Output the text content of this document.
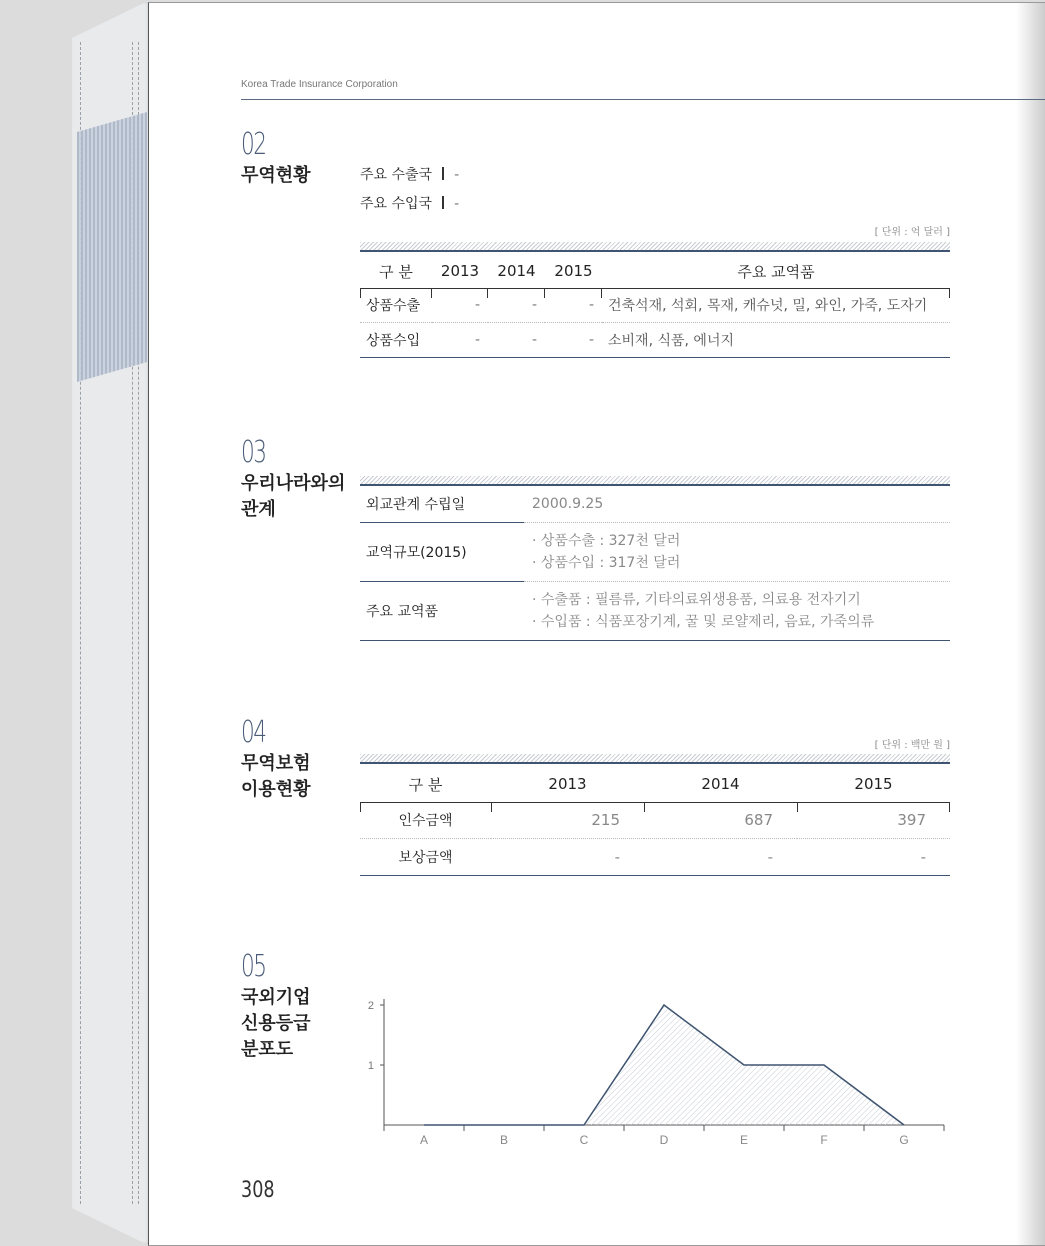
Korea Trade Insurance Corporation
02
무역현황	주요 수출국 -
주요 수입국 -
[ 단위 : 억 달러 ]
구 분	2013	2014	2015	주요 교역품
상품수출	-	-	-	건축석재, 석회, 목재, 캐슈넛, 밀, 와인, 가죽, 도자기
상품수입	-	-	-	소비재, 식품, 에너지
03
우리나라와의
관계	외교관계 수립일	2000.9.25

교역규모(2015)	· 상품수출 : 327천 달러
· 상품수입 : 317천 달러

주요 교역품	· 수출품 : 필름류, 기타의료위생용품, 의료용 전자기기
· 수입품 : 식품포장기계, 꿀 및 로얄제리, 음료, 가죽의류
04
무역보험
이용현황
[ 단위 : 백만 원 ]
구 분	2013	2014	2015
인수금액	215	687	397
보상금액	-	-	-
05
국외기업
신용등급
분포도
1
2
A	B	C	D	E	F	G
308
